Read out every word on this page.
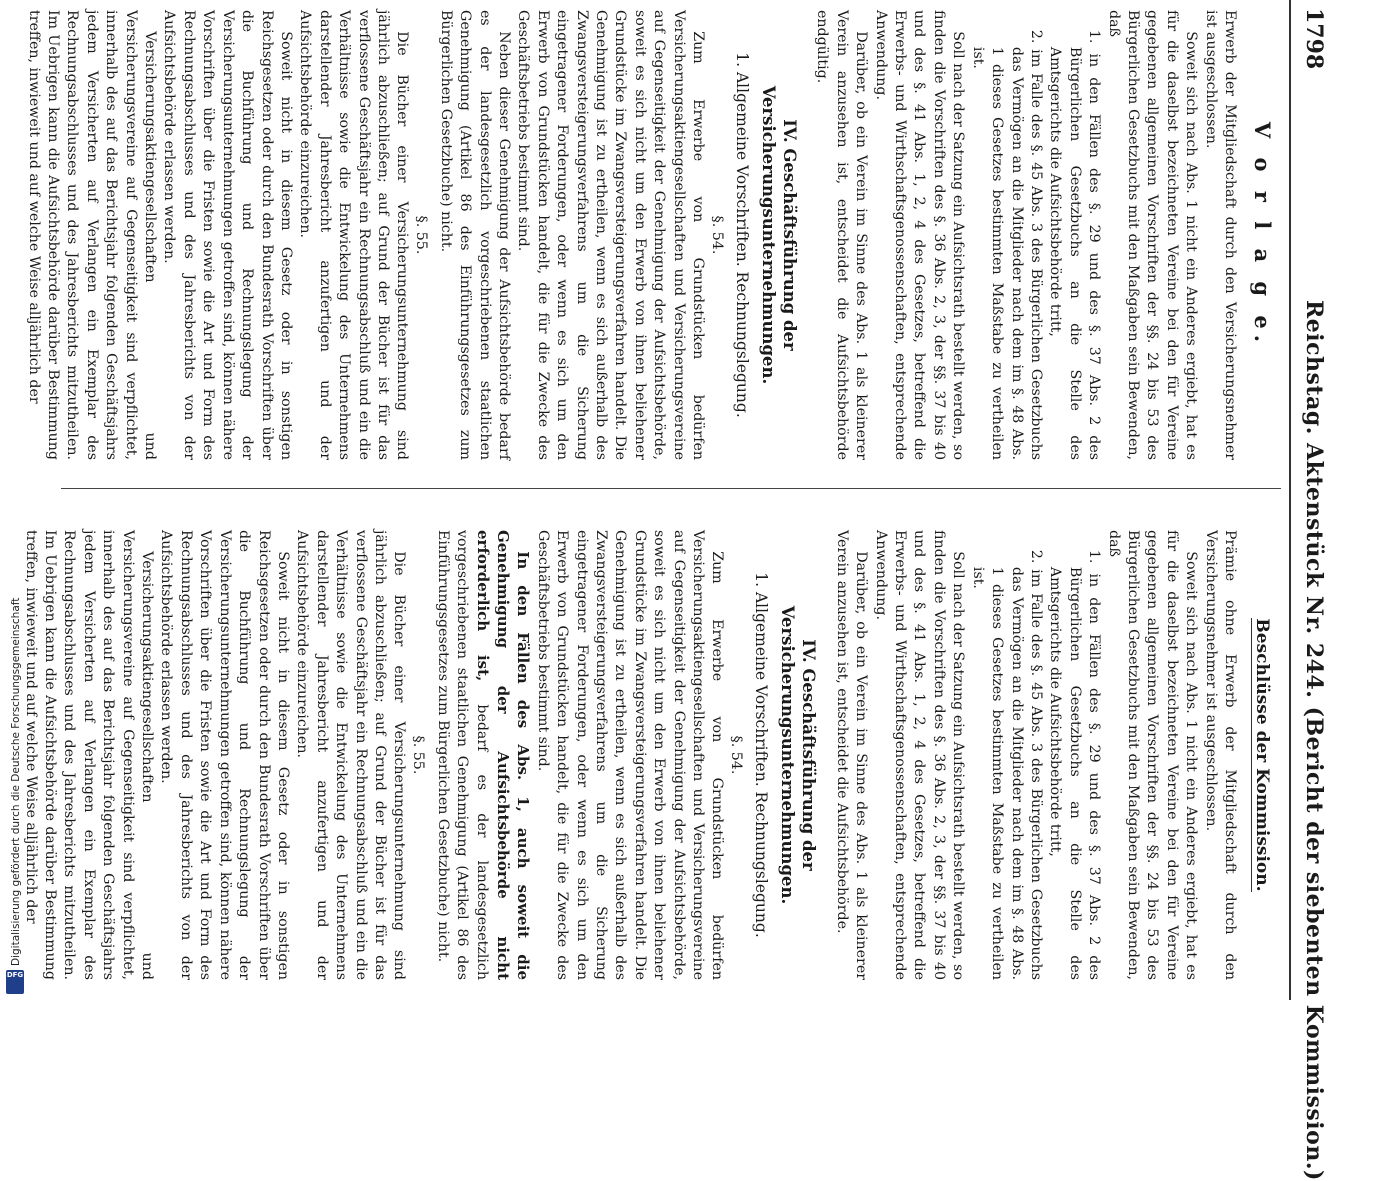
1798
Reichstag. Aktenstück Nr. 244. (Bericht der siebenten Kommission.)
V o r l a g e.

Erwerb der Mitgliedschaft durch den Versicherungsnehmer ist ausgeschlossen.

Soweit sich nach Abs. 1 nicht ein Anderes ergiebt, hat es für die daselbst bezeichneten Vereine bei den für Vereine gegebenen allgemeinen Vorschriften der §§. 24 bis 53 des Bürgerlichen Gesetzbuchs mit den Maßgaben sein Bewenden, daß

1. in den Fällen des §. 29 und des §. 37 Abs. 2 des Bürgerlichen Gesetzbuchs an die Stelle des Amtsgerichts die Aufsichtsbehörde tritt,

2. im Falle des §. 45 Abs. 3 des Bürgerlichen Gesetzbuchs das Vermögen an die Mitglieder nach dem im §. 48 Abs. 1 dieses Gesetzes bestimmten Maßstabe zu vertheilen ist.

Soll nach der Satzung ein Aufsichtsrath bestellt werden, so finden die Vorschriften des §. 36 Abs. 2, 3, der §§. 37 bis 40 und des §. 41 Abs. 1, 2, 4 des Gesetzes, betreffend die Erwerbs- und Wirthschaftsgenossenschaften, entsprechende Anwendung.

Darüber, ob ein Verein im Sinne des Abs. 1 als kleinerer Verein anzusehen ist, entscheidet die Aufsichtsbehörde endgültig.

IV. Geschäftsführung der Versicherungsunternehmungen.
1. Allgemeine Vorschriften. Rechnungslegung.
§. 54.

Zum Erwerbe von Grundstücken bedürfen Versicherungsaktiengesellschaften und Versicherungsvereine auf Gegenseitigkeit der Genehmigung der Aufsichtsbehörde, soweit es sich nicht um den Erwerb von ihnen beliehener Grundstücke im Zwangsversteigerungsverfahren handelt. Die Genehmigung ist zu ertheilen, wenn es sich außerhalb des Zwangsversteigerungsverfahrens um die Sicherung eingetragener Forderungen, oder wenn es sich um den Erwerb von Grundstücken handelt, die für die Zwecke des Geschäftsbetriebs bestimmt sind.

Neben dieser Genehmigung der Aufsichtsbehörde bedarf es der landesgesetzlich vorgeschriebenen staatlichen Genehmigung (Artikel 86 des Einführungsgesetzes zum Bürgerlichen Gesetzbuche) nicht.

§. 55.

Die Bücher einer Versicherungsunternehmung sind jährlich abzuschließen; auf Grund der Bücher ist für das verflossene Geschäftsjahr ein Rechnungsabschluß und ein die Verhältnisse sowie die Entwickelung des Unternehmens darstellender Jahresbericht anzufertigen und der Aufsichtsbehörde einzureichen.

Soweit nicht in diesem Gesetz oder in sonstigen Reichsgesetzen oder durch den Bundesrath Vorschriften über die Buchführung und Rechnungslegung der Versicherungsunternehmungen getroffen sind, können nähere Vorschriften über die Fristen sowie die Art und Form des Rechnungsabschlusses und des Jahresberichts von der Aufsichtsbehörde erlassen werden.

Versicherungsaktiengesellschaften und Versicherungsvereine auf Gegenseitigkeit sind verpflichtet, innerhalb des auf das Berichtsjahr folgenden Geschäftsjahrs jedem Versicherten auf Verlangen ein Exemplar des Rechnungsabschlusses und des Jahresberichts mitzutheilen. Im Uebrigen kann die Aufsichtsbehörde darüber Bestimmung treffen, inwieweit und auf welche Weise alljährlich der

Beschlüsse der Kommission.

Prämie ohne Erwerb der Mitgliedschaft durch den Versicherungsnehmer ist ausgeschlossen.

Soweit sich nach Abs. 1 nicht ein Anderes ergiebt, hat es für die daselbst bezeichneten Vereine bei den für Vereine gegebenen allgemeinen Vorschriften der §§. 24 bis 53 des Bürgerlichen Gesetzbuchs mit den Maßgaben sein Bewenden, daß

1. in den Fällen des §. 29 und des §. 37 Abs. 2 des Bürgerlichen Gesetzbuchs an die Stelle des Amtsgerichts die Aufsichtsbehörde tritt,

2. im Falle des §. 45 Abs. 3 des Bürgerlichen Gesetzbuchs das Vermögen an die Mitglieder nach dem im §. 48 Abs. 1 dieses Gesetzes bestimmten Maßstabe zu vertheilen ist.

Soll nach der Satzung ein Aufsichtsrath bestellt werden, so finden die Vorschriften des §. 36 Abs. 2, 3, der §§. 37 bis 40 und des §. 41 Abs. 1, 2, 4 des Gesetzes, betreffend die Erwerbs- und Wirthschaftsgenossenschaften, entsprechende Anwendung.

Darüber, ob ein Verein im Sinne des Abs. 1 als kleinerer Verein anzusehen ist, entscheidet die Aufsichtsbehörde.

IV. Geschäftsführung der Versicherungsunternehmungen.
1. Allgemeine Vorschriften. Rechnungslegung.
§. 54.

Zum Erwerbe von Grundstücken bedürfen Versicherungsaktiengesellschaften und Versicherungsvereine auf Gegenseitigkeit der Genehmigung der Aufsichtsbehörde, soweit es sich nicht um den Erwerb von ihnen beliehener Grundstücke im Zwangsversteigerungsverfahren handelt. Die Genehmigung ist zu ertheilen, wenn es sich außerhalb des Zwangsversteigerungsverfahrens um die Sicherung eingetragener Forderungen, oder wenn es sich um den Erwerb von Grundstücken handelt, die für die Zwecke des Geschäftsbetriebs bestimmt sind.

In den Fällen des Abs. 1, auch soweit die Genehmigung der Aufsichtsbehörde nicht erforderlich ist, bedarf es der landesgesetzlich vorgeschriebenen staatlichen Genehmigung (Artikel 86 des Einführungsgesetzes zum Bürgerlichen Gesetzbuche) nicht.

§. 55.

Die Bücher einer Versicherungsunternehmung sind jährlich abzuschließen; auf Grund der Bücher ist für das verflossene Geschäftsjahr ein Rechnungsabschluß und ein die Verhältnisse sowie die Entwickelung des Unternehmens darstellender Jahresbericht anzufertigen und der Aufsichtsbehörde einzureichen.

Soweit nicht in diesem Gesetz oder in sonstigen Reichsgesetzen oder durch den Bundesrath Vorschriften über die Buchführung und Rechnungslegung der Versicherungsunternehmungen getroffen sind, können nähere Vorschriften über die Fristen sowie die Art und Form des Rechnungsabschlusses und des Jahresberichts von der Aufsichtsbehörde erlassen werden.

Versicherungsaktiengesellschaften und Versicherungsvereine auf Gegenseitigkeit sind verpflichtet, innerhalb des auf das Berichtsjahr folgenden Geschäftsjahrs jedem Versicherten auf Verlangen ein Exemplar des Rechnungsabschlusses und des Jahresberichts mitzutheilen. Im Uebrigen kann die Aufsichtsbehörde darüber Bestimmung treffen, inwieweit und auf welche Weise alljährlich der

Digitalisierung gefördert durch die Deutsche Forschungsgemeinschaft
DFG
